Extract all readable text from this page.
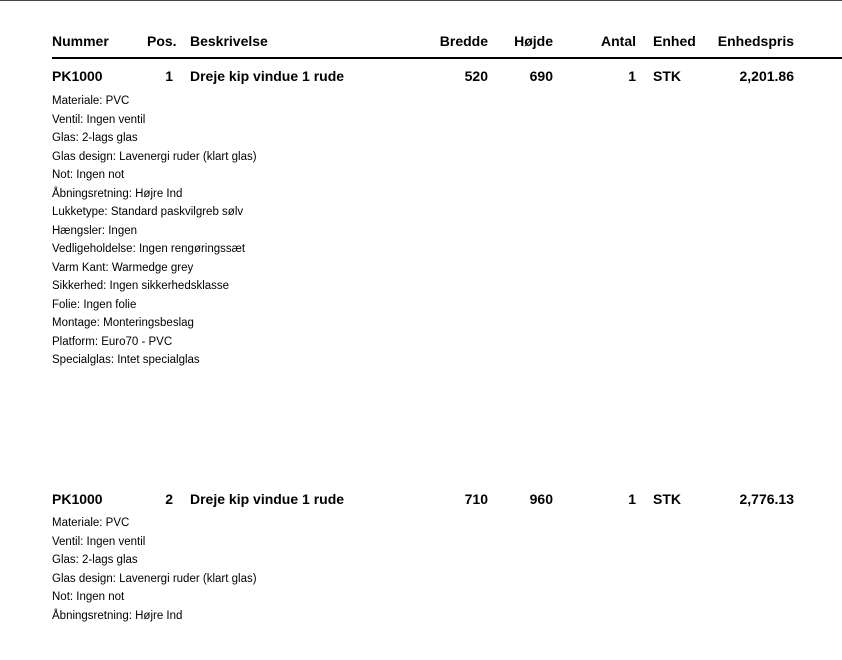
Nummer	Pos. Beskrivelse	Bredde	Højde	Antal Enhed	Enhedspris
PK1000	1 Dreje kip vindue 1 rude	520	690	1 STK	2,201.86
Materiale: PVC
Ventil: Ingen ventil
Glas: 2-lags glas
Glas design: Lavenergi ruder (klart glas)
Not: Ingen not
Åbningsretning: Højre Ind
Lukketype: Standard paskvilgreb sølv
Hængsler: Ingen
Vedligeholdelse: Ingen rengøringssæt
Varm Kant: Warmedge grey
Sikkerhed: Ingen sikkerhedsklasse
Folie: Ingen folie
Montage: Monteringsbeslag
Platform: Euro70 - PVC
Specialglas: Intet specialglas
PK1000	2 Dreje kip vindue 1 rude	710	960	1 STK	2,776.13
Materiale: PVC
Ventil: Ingen ventil
Glas: 2-lags glas
Glas design: Lavenergi ruder (klart glas)
Not: Ingen not
Åbningsretning: Højre Ind
